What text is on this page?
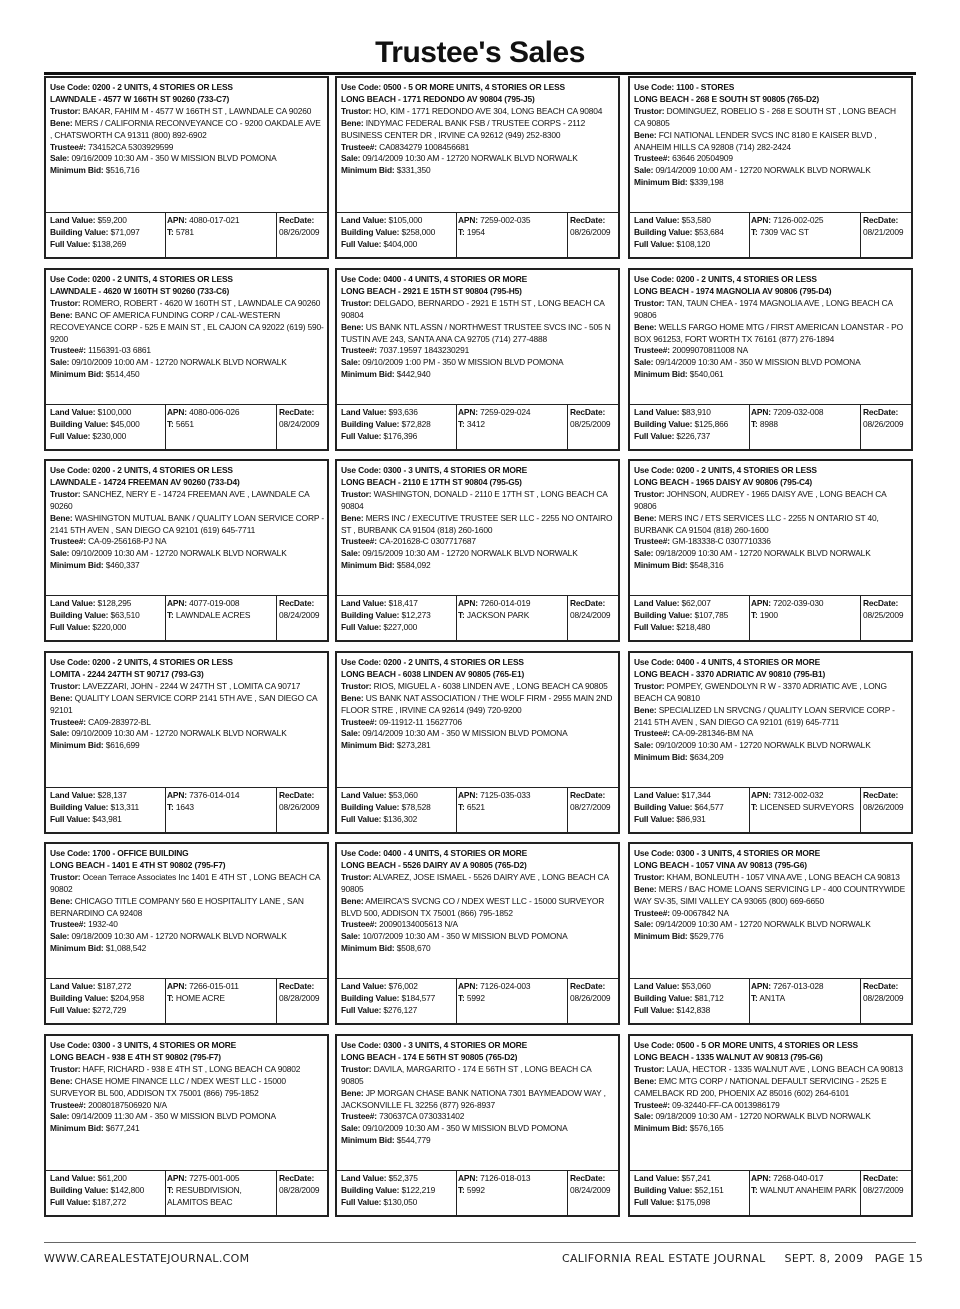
Trustee's Sales
Use Code: 0200 - 2 UNITS, 4 STORIES OR LESS
LAWNDALE - 4577 W 166TH ST 90260 (733-C7)
Trustor: BAKAR, FAHIM M - 4577 W 166TH ST , LAWNDALE CA 90260
Bene: MERS / CALIFORNIA RECONVEYANCE CO - 9200 OAKDALE AVE , CHATSWORTH CA 91311 (800) 892-6902
Trustee#: 734152CA 5303929599
Sale: 09/16/2009 10:30 AM - 350 W MISSION BLVD POMONA
Minimum Bid: $516,716
Land Value: $59,200
Building Value: $71,097
Full Value: $138,269
APN: 4080-017-021
T: 5781
RecDate:
08/26/2009
Use Code: 0500 - 5 OR MORE UNITS, 4 STORIES OR LESS
LONG BEACH - 1771 REDONDO AV 90804 (795-J5)
Trustor: HO, KIM - 1771 REDONDO AVE 304, LONG BEACH CA 90804
Bene: INDYMAC FEDERAL BANK FSB / TRUSTEE CORPS - 2112 BUSINESS CENTER DR , IRVINE CA 92612 (949) 252-8300
Trustee#: CA0834279 1008456681
Sale: 09/14/2009 10:30 AM - 12720 NORWALK BLVD NORWALK
Minimum Bid: $331,350
Land Value: $105,000
Building Value: $258,000
Full Value: $404,000
APN: 7259-002-035
T: 1954
RecDate:
08/26/2009
Use Code: 1100 - STORES
LONG BEACH - 268 E SOUTH ST 90805 (765-D2)
Trustor: DOMINGUEZ, ROBELIO S - 268 E SOUTH ST , LONG BEACH CA 90805
Bene: FCI NATIONAL LENDER SVCS INC 8180 E KAISER BLVD , ANAHEIM HILLS CA 92808 (714) 282-2424
Trustee#: 63646 20504909
Sale: 09/14/2009 10:00 AM - 12720 NORWALK BLVD NORWALK
Minimum Bid: $339,198
Land Value: $53,580
Building Value: $53,684
Full Value: $108,120
APN: 7126-002-025
T: 7309 VAC ST
RecDate:
08/21/2009
Use Code: 0200 - 2 UNITS, 4 STORIES OR LESS
LAWNDALE - 4620 W 160TH ST 90260 (733-C6)
Trustor: ROMERO, ROBERT - 4620 W 160TH ST , LAWNDALE CA 90260
Bene: BANC OF AMERICA FUNDING CORP / CAL-WESTERN RECOVEYANCE CORP - 525 E MAIN ST , EL CAJON CA 92022 (619) 590-9200
Trustee#: 1156391-03 6861
Sale: 09/10/2009 10:00 AM - 12720 NORWALK BLVD NORWALK
Minimum Bid: $514,450
Land Value: $100,000
Building Value: $45,000
Full Value: $230,000
APN: 4080-006-026
T: 5651
RecDate:
08/24/2009
Use Code: 0400 - 4 UNITS, 4 STORIES OR MORE
LONG BEACH - 2921 E 15TH ST 90804 (795-H5)
Trustor: DELGADO, BERNARDO - 2921 E 15TH ST , LONG BEACH CA 90804
Bene: US BANK NTL ASSN / NORTHWEST TRUSTEE SVCS INC - 505 N TUSTIN AVE 243, SANTA ANA CA 92705 (714) 277-4888
Trustee#: 7037.19597 1843230291
Sale: 09/10/2009 1:00 PM - 350 W MISSION BLVD POMONA
Minimum Bid: $442,940
Land Value: $93,636
Building Value: $72,828
Full Value: $176,396
APN: 7259-029-024
T: 3412
RecDate:
08/25/2009
Use Code: 0200 - 2 UNITS, 4 STORIES OR LESS
LONG BEACH - 1974 MAGNOLIA AV 90806 (795-D4)
Trustor: TAN, TAUN CHEA - 1974 MAGNOLIA AVE , LONG BEACH CA 90806
Bene: WELLS FARGO HOME MTG / FIRST AMERICAN LOANSTAR - PO BOX 961253, FORT WORTH TX 76161 (877) 276-1894
Trustee#: 20099070811008 NA
Sale: 09/14/2009 10:30 AM - 350 W MISSION BLVD POMONA
Minimum Bid: $540,061
Land Value: $83,910
Building Value: $125,866
Full Value: $226,737
APN: 7209-032-008
T: 8988
RecDate:
08/26/2009
Use Code: 0200 - 2 UNITS, 4 STORIES OR LESS
LAWNDALE - 14724 FREEMAN AV 90260 (733-D4)
Trustor: SANCHEZ, NERY E - 14724 FREEMAN AVE , LAWNDALE CA 90260
Bene: WASHINGTON MUTUAL BANK / QUALITY LOAN SERVICE CORP - 2141 5TH AVEN , SAN DIEGO CA 92101 (619) 645-7711
Trustee#: CA-09-256168-PJ NA
Sale: 09/10/2009 10:30 AM - 12720 NORWALK BLVD NORWALK
Minimum Bid: $460,337
Land Value: $128,295
Building Value: $63,510
Full Value: $220,000
APN: 4077-019-008
T: LAWNDALE ACRES
RecDate:
08/24/2009
Use Code: 0300 - 3 UNITS, 4 STORIES OR MORE
LONG BEACH - 2110 E 17TH ST 90804 (795-G5)
Trustor: WASHINGTON, DONALD - 2110 E 17TH ST , LONG BEACH CA 90804
Bene: MERS INC / EXECUTIVE TRUSTEE SER LLC - 2255 NO ONTAIRO ST , BURBANK CA 91504 (818) 260-1600
Trustee#: CA-201628-C 0307717687
Sale: 09/15/2009 10:30 AM - 12720 NORWALK BLVD NORWALK
Minimum Bid: $584,092
Land Value: $18,417
Building Value: $12,273
Full Value: $227,000
APN: 7260-014-019
T: JACKSON PARK
RecDate:
08/24/2009
Use Code: 0200 - 2 UNITS, 4 STORIES OR LESS
LONG BEACH - 1965 DAISY AV 90806 (795-C4)
Trustor: JOHNSON, AUDREY - 1965 DAISY AVE , LONG BEACH CA 90806
Bene: MERS INC / ETS SERVICES LLC - 2255 N ONTARIO ST 40, BURBANK CA 91504 (818) 260-1600
Trustee#: GM-183338-C 0307710336
Sale: 09/18/2009 10:30 AM - 12720 NORWALK BLVD NORWALK
Minimum Bid: $548,316
Land Value: $62,007
Building Value: $107,785
Full Value: $218,480
APN: 7202-039-030
T: 1900
RecDate:
08/25/2009
Use Code: 0200 - 2 UNITS, 4 STORIES OR LESS
LOMITA - 2244 247TH ST 90717 (793-G3)
Trustor: LAVEZZARI, JOHN - 2244 W 247TH ST , LOMITA CA 90717
Bene: QUALITY LOAN SERVICE CORP 2141 5TH AVE , SAN DIEGO CA 92101
Trustee#: CA09-283972-BL
Sale: 09/10/2009 10:30 AM - 12720 NORWALK BLVD NORWALK
Minimum Bid: $616,699
Land Value: $28,137
Building Value: $13,311
Full Value: $43,981
APN: 7376-014-014
T: 1643
RecDate:
08/26/2009
Use Code: 0200 - 2 UNITS, 4 STORIES OR LESS
LONG BEACH - 6038 LINDEN AV 90805 (765-E1)
Trustor: RIOS, MIGUEL A - 6038 LINDEN AVE , LONG BEACH CA 90805
Bene: US BANK NAT ASSOCIATION / THE WOLF FIRM - 2955 MAIN 2ND FLOOR STRE , IRVINE CA 92614 (949) 720-9200
Trustee#: 09-11912-11 15627706
Sale: 09/14/2009 10:30 AM - 350 W MISSION BLVD POMONA
Minimum Bid: $273,281
Land Value: $53,060
Building Value: $78,528
Full Value: $136,302
APN: 7125-035-033
T: 6521
RecDate:
08/27/2009
Use Code: 0400 - 4 UNITS, 4 STORIES OR MORE
LONG BEACH - 3370 ADRIATIC AV 90810 (795-B1)
Trustor: POMPEY, GWENDOLYN R W - 3370 ADRIATIC AVE , LONG BEACH CA 90810
Bene: SPECIALIZED LN SRVCNG / QUALITY LOAN SERVICE CORP - 2141 5TH AVEN , SAN DIEGO CA 92101 (619) 645-7711
Trustee#: CA-09-281346-BM NA
Sale: 09/10/2009 10:30 AM - 12720 NORWALK BLVD NORWALK
Minimum Bid: $634,209
Land Value: $17,344
Building Value: $64,577
Full Value: $86,931
APN: 7312-002-032
T: LICENSED SURVEYORS
RecDate:
08/26/2009
Use Code: 1700 - OFFICE BUILDING
LONG BEACH - 1401 E 4TH ST 90802 (795-F7)
Trustor: Ocean Terrace Associates Inc 1401 E 4TH ST , LONG BEACH CA 90802
Bene: CHICAGO TITLE COMPANY 560 E HOSPITALITY LANE , SAN BERNARDINO CA 92408
Trustee#: 1932-40
Sale: 09/18/2009 10:30 AM - 12720 NORWALK BLVD NORWALK
Minimum Bid: $1,088,542
Land Value: $187,272
Building Value: $204,958
Full Value: $272,729
APN: 7266-015-011
T: HOME ACRE
RecDate:
08/28/2009
Use Code: 0400 - 4 UNITS, 4 STORIES OR MORE
LONG BEACH - 5526 DAIRY AV A 90805 (765-D2)
Trustor: ALVAREZ, JOSE ISMAEL - 5526 DAIRY AVE , LONG BEACH CA 90805
Bene: AMEIRCA'S SVCNG CO / NDEX WEST LLC - 15000 SURVEYOR BLVD 500, ADDISON TX 75001 (866) 795-1852
Trustee#: 20090134005613 N/A
Sale: 10/07/2009 10:30 AM - 350 W MISSION BLVD POMONA
Minimum Bid: $508,670
Land Value: $76,002
Building Value: $184,577
Full Value: $276,127
APN: 7126-024-003
T: 5992
RecDate:
08/26/2009
Use Code: 0300 - 3 UNITS, 4 STORIES OR MORE
LONG BEACH - 1057 VINA AV 90813 (795-G6)
Trustor: KHAM, BONLEUTH - 1057 VINA AVE , LONG BEACH CA 90813
Bene: MERS / BAC HOME LOANS SERVICING LP - 400 COUNTRYWIDE WAY SV-35, SIMI VALLEY CA 93065 (800) 669-6650
Trustee#: 09-0067842 NA
Sale: 09/14/2009 10:30 AM - 12720 NORWALK BLVD NORWALK
Minimum Bid: $529,776
Land Value: $53,060
Building Value: $81,712
Full Value: $142,838
APN: 7267-013-028
T: AN1TA
RecDate:
08/28/2009
Use Code: 0300 - 3 UNITS, 4 STORIES OR MORE
LONG BEACH - 938 E 4TH ST 90802 (795-F7)
Trustor: HAFF, RICHARD - 938 E 4TH ST , LONG BEACH CA 90802
Bene: CHASE HOME FINANCE LLC / NDEX WEST LLC - 15000 SURVEYOR BL 500, ADDISON TX 75001 (866) 795-1852
Trustee#: 20080187506920 N/A
Sale: 09/14/2009 11:30 AM - 350 W MISSION BLVD POMONA
Minimum Bid: $677,241
Land Value: $61,200
Building Value: $142,800
Full Value: $187,272
APN: 7275-001-005
T: RESUBDIVISION, ALAMITOS BEAC
RecDate:
08/28/2009
Use Code: 0300 - 3 UNITS, 4 STORIES OR MORE
LONG BEACH - 174 E 56TH ST 90805 (765-D2)
Trustor: DAVILA, MARGARITO - 174 E 56TH ST , LONG BEACH CA 90805
Bene: JP MORGAN CHASE BANK NATIONA 7301 BAYMEADOW WAY , JACKSONVILLE FL 32256 (877) 926-8937
Trustee#: 730637CA 0730331402
Sale: 09/10/2009 10:30 AM - 350 W MISSION BLVD POMONA
Minimum Bid: $544,779
Land Value: $52,375
Building Value: $122,219
Full Value: $130,050
APN: 7126-018-013
T: 5992
RecDate:
08/24/2009
Use Code: 0500 - 5 OR MORE UNITS, 4 STORIES OR LESS
LONG BEACH - 1335 WALNUT AV 90813 (795-G6)
Trustor: LAUA, HECTOR - 1335 WALNUT AVE , LONG BEACH CA 90813
Bene: EMC MTG CORP / NATIONAL DEFAULT SERVICING - 2525 E CAMELBACK RD 200, PHOENIX AZ 85016 (602) 264-6101
Trustee#: 09-32440-FF-CA 0013986179
Sale: 09/18/2009 10:30 AM - 12720 NORWALK BLVD NORWALK
Minimum Bid: $576,165
Land Value: $57,241
Building Value: $52,151
Full Value: $175,098
APN: 7268-040-017
T: WALNUT ANAHEIM PARK
RecDate:
08/27/2009
WWW.CAREALESTATEJOURNAL.COM	CALIFORNIA REAL ESTATE JOURNAL     SEPT. 8, 2009   PAGE 15
